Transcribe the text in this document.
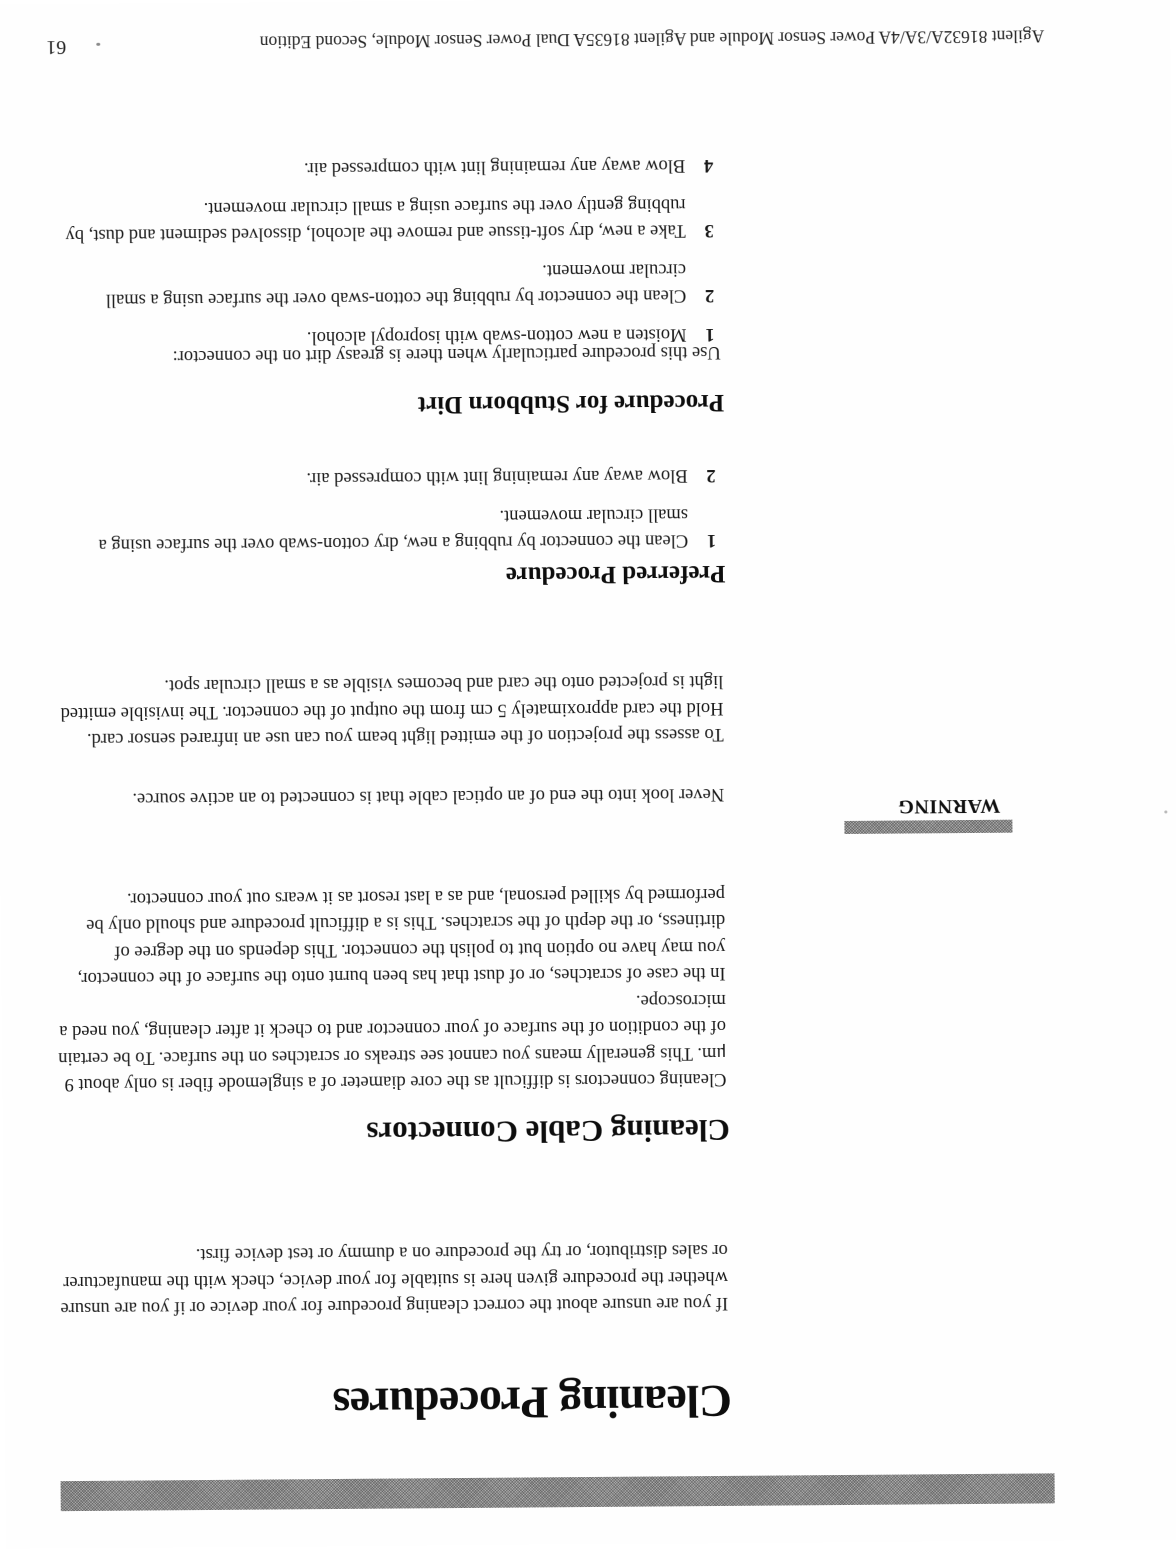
Cleaning Procedures

If you are unsure about the correct cleaning procedure for your device or if you are unsure whether the procedure given here is suitable for your device, check with the manufacturer or sales distributor, or try the procedure on a dummy or test device first.

Cleaning Cable Connectors

Cleaning connectors is difficult as the core diameter of a singlemode fiber is only about 9 μm. This generally means you cannot see streaks or scratches on the surface. To be certain of the condition of the surface of your connector and to check it after cleaning, you need a microscope.

In the case of scratches, or of dust that has been burnt onto the surface of the connector, you may have no option but to polish the connector. This depends on the degree of dirtiness, or the depth of the scratches. This is a difficult procedure and should only be performed by skilled personal, and as a last resort as it wears out your connector.

WARNING

Never look into the end of an optical cable that is connected to an active source.

To assess the projection of the emitted light beam you can use an infrared sensor card. Hold the card approximately 5 cm from the output of the connector. The invisible emitted light is projected onto the card and becomes visible as a small circular spot.

Preferred Procedure
1
Clean the connector by rubbing a new, dry cotton-swab over the surface using a small circular movement.
2
Blow away any remaining lint with compressed air.
Procedure for Stubborn Dirt

Use this procedure particularly when there is greasy dirt on the connector:

1
Moisten a new cotton-swab with isopropyl alcohol.
2
Clean the connector by rubbing the cotton-swab over the surface using a small circular movement.
3
Take a new, dry soft-tissue and remove the alcohol, dissolved sediment and dust, by rubbing gently over the surface using a small circular movement.
4
Blow away any remaining lint with compressed air.
Agilent 81632A/3A/4A Power Sensor Module and Agilent 81635A Dual Power Sensor Module, Second Edition
61
